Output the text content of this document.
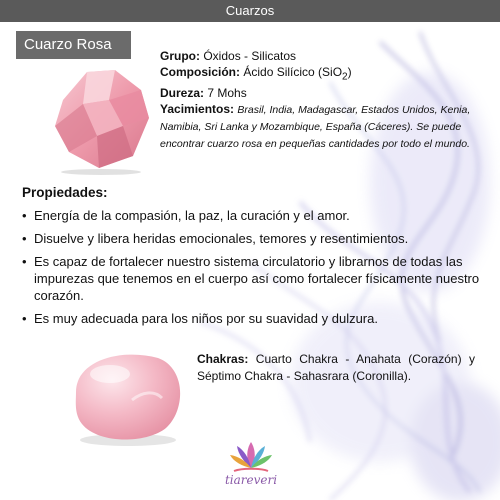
Cuarzos
Cuarzo Rosa
Grupo: Óxidos - Silicatos
Composición: Ácido Silícico (SiO$_2$)
Dureza: 7 Mohs
Yacimientos: Brasil, India, Madagascar, Estados Unidos, Kenia, Namibia, Sri Lanka y Mozambique, España (Cáceres). Se puede encontrar cuarzo rosa en pequeñas cantidades por todo el mundo.
Propiedades:
• Energía de la compasión, la paz, la curación y el amor.
• Disuelve y libera heridas emocionales, temores y resentimientos.
• Es capaz de fortalecer nuestro sistema circulatorio y librarnos de todas las impurezas que tenemos en el cuerpo así como fortalecer físicamente nuestro corazón.
• Es muy adecuada para los niños por su suavidad y dulzura.
Chakras: Cuarto Chakra - Anahata (Corazón) y Séptimo Chakra - Sahasrara (Coronilla).
tiareveri
